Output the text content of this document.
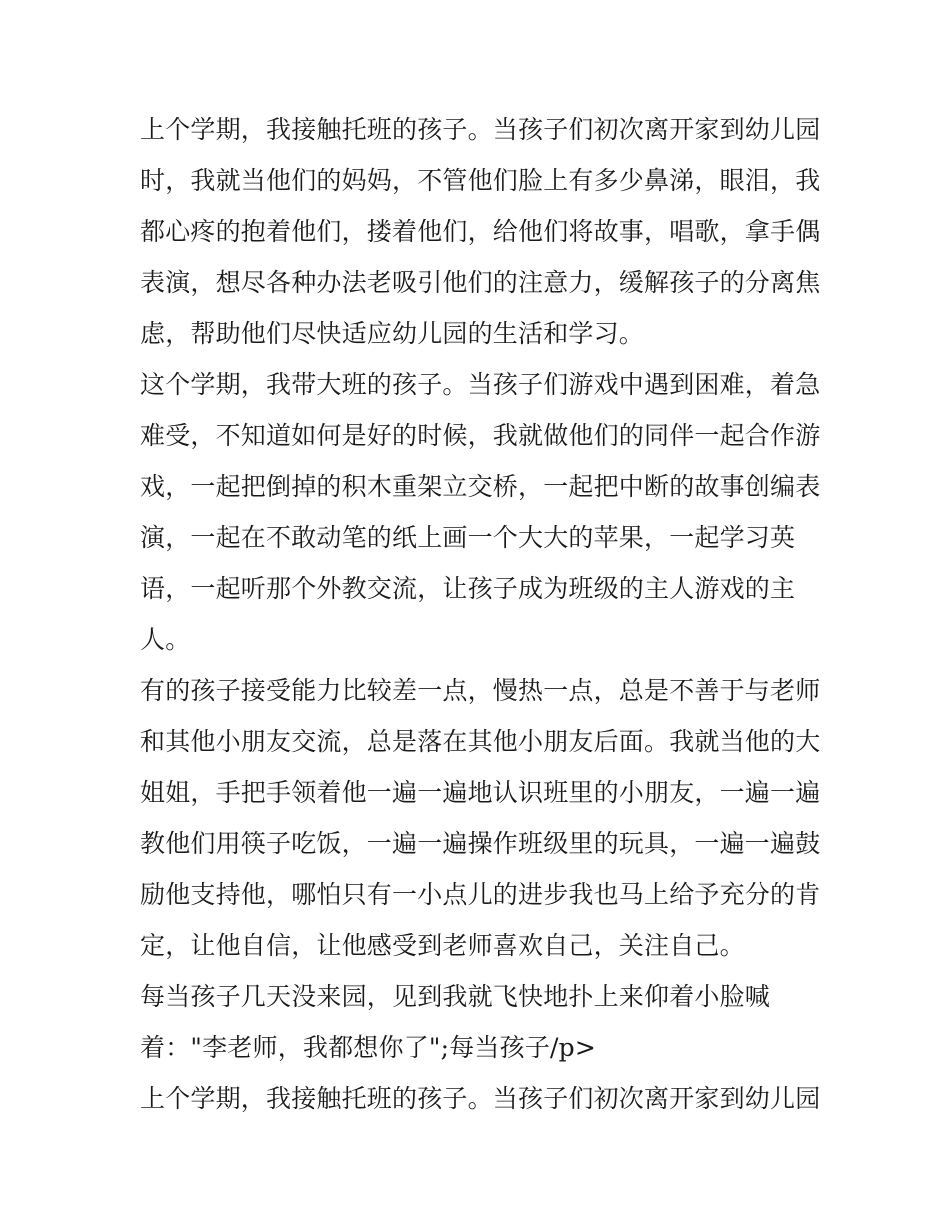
上个学期，我接触托班的孩子。当孩子们初次离开家到幼儿园

时，我就当他们的妈妈，不管他们脸上有多少鼻涕，眼泪，我

都心疼的抱着他们，搂着他们，给他们将故事，唱歌，拿手偶

表演，想尽各种办法老吸引他们的注意力，缓解孩子的分离焦

虑，帮助他们尽快适应幼儿园的生活和学习。

这个学期，我带大班的孩子。当孩子们游戏中遇到困难，着急

难受，不知道如何是好的时候，我就做他们的同伴一起合作游

戏，一起把倒掉的积木重架立交桥，一起把中断的故事创编表

演，一起在不敢动笔的纸上画一个大大的苹果，一起学习英

语，一起听那个外教交流，让孩子成为班级的主人游戏的主

人。

有的孩子接受能力比较差一点，慢热一点，总是不善于与老师

和其他小朋友交流，总是落在其他小朋友后面。我就当他的大

姐姐，手把手领着他一遍一遍地认识班里的小朋友，一遍一遍

教他们用筷子吃饭，一遍一遍操作班级里的玩具，一遍一遍鼓

励他支持他，哪怕只有一小点儿的进步我也马上给予充分的肯

定，让他自信，让他感受到老师喜欢自己，关注自己。

每当孩子几天没来园，见到我就飞快地扑上来仰着小脸喊

着："李老师，我都想你了";每当孩子/p>

上个学期，我接触托班的孩子。当孩子们初次离开家到幼儿园
